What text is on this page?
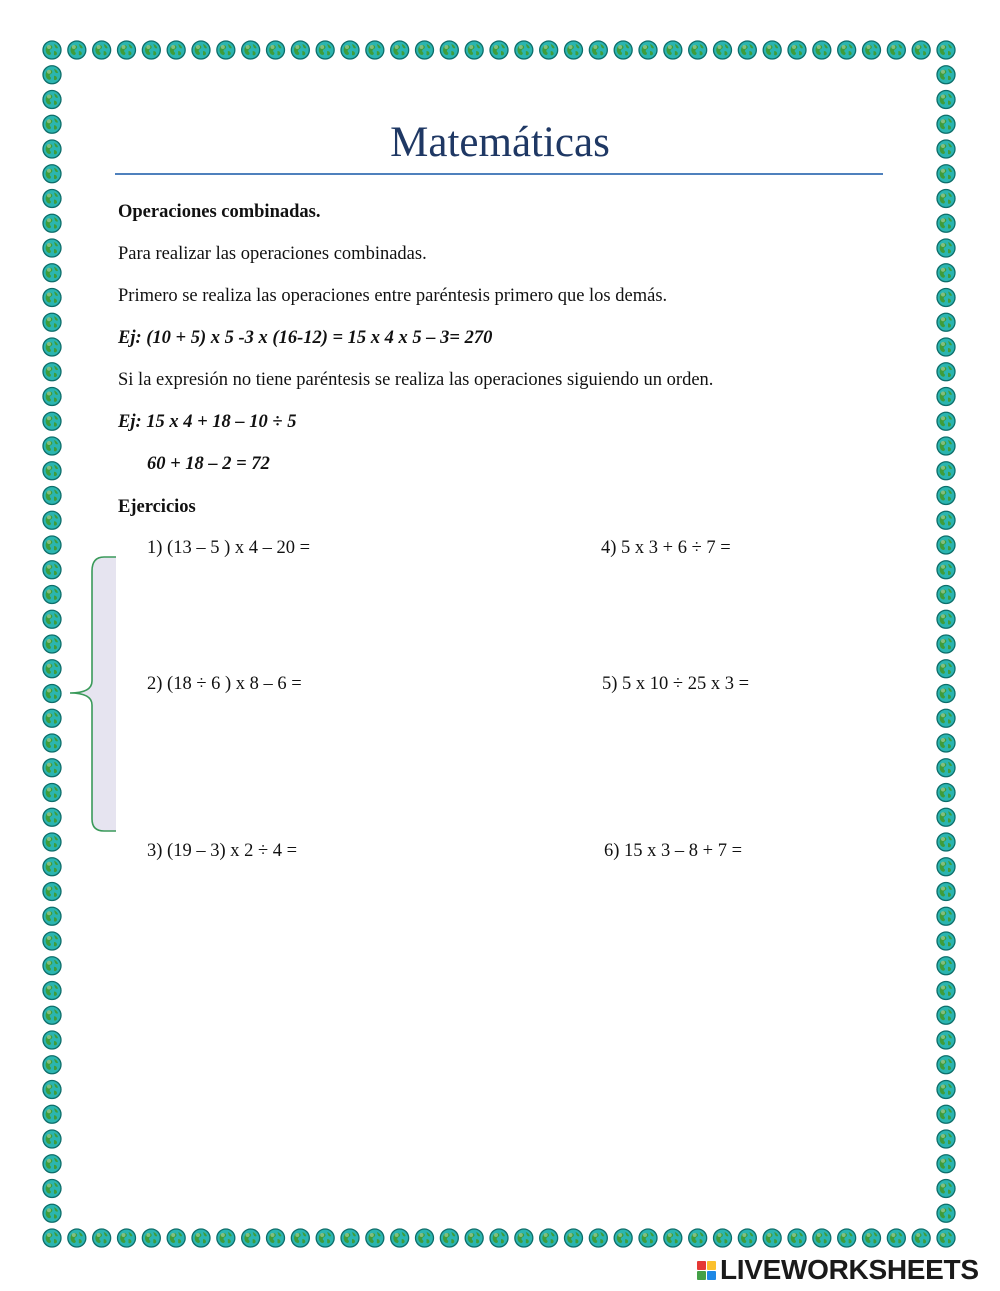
Matemáticas
Operaciones combinadas.
Para realizar las operaciones combinadas.
Primero se realiza las operaciones entre paréntesis primero que los demás.
Ej: (10 + 5) x 5 -3 x (16-12) = 15 x 4 x 5 – 3= 270
Si la expresión no tiene paréntesis se realiza las operaciones siguiendo un orden.
Ej: 15 x 4 + 18 – 10 ÷ 5
60 + 18 – 2 = 72
Ejercicios
1) (13 – 5 ) x 4 – 20 =
2) (18 ÷ 6 ) x 8 – 6 =
3) (19 – 3) x 2 ÷ 4 =
4) 5 x 3 + 6 ÷ 7 =
5) 5 x 10 ÷ 25 x 3 =
6) 15 x 3 – 8 + 7 =
LIVEWORKSHEETS
